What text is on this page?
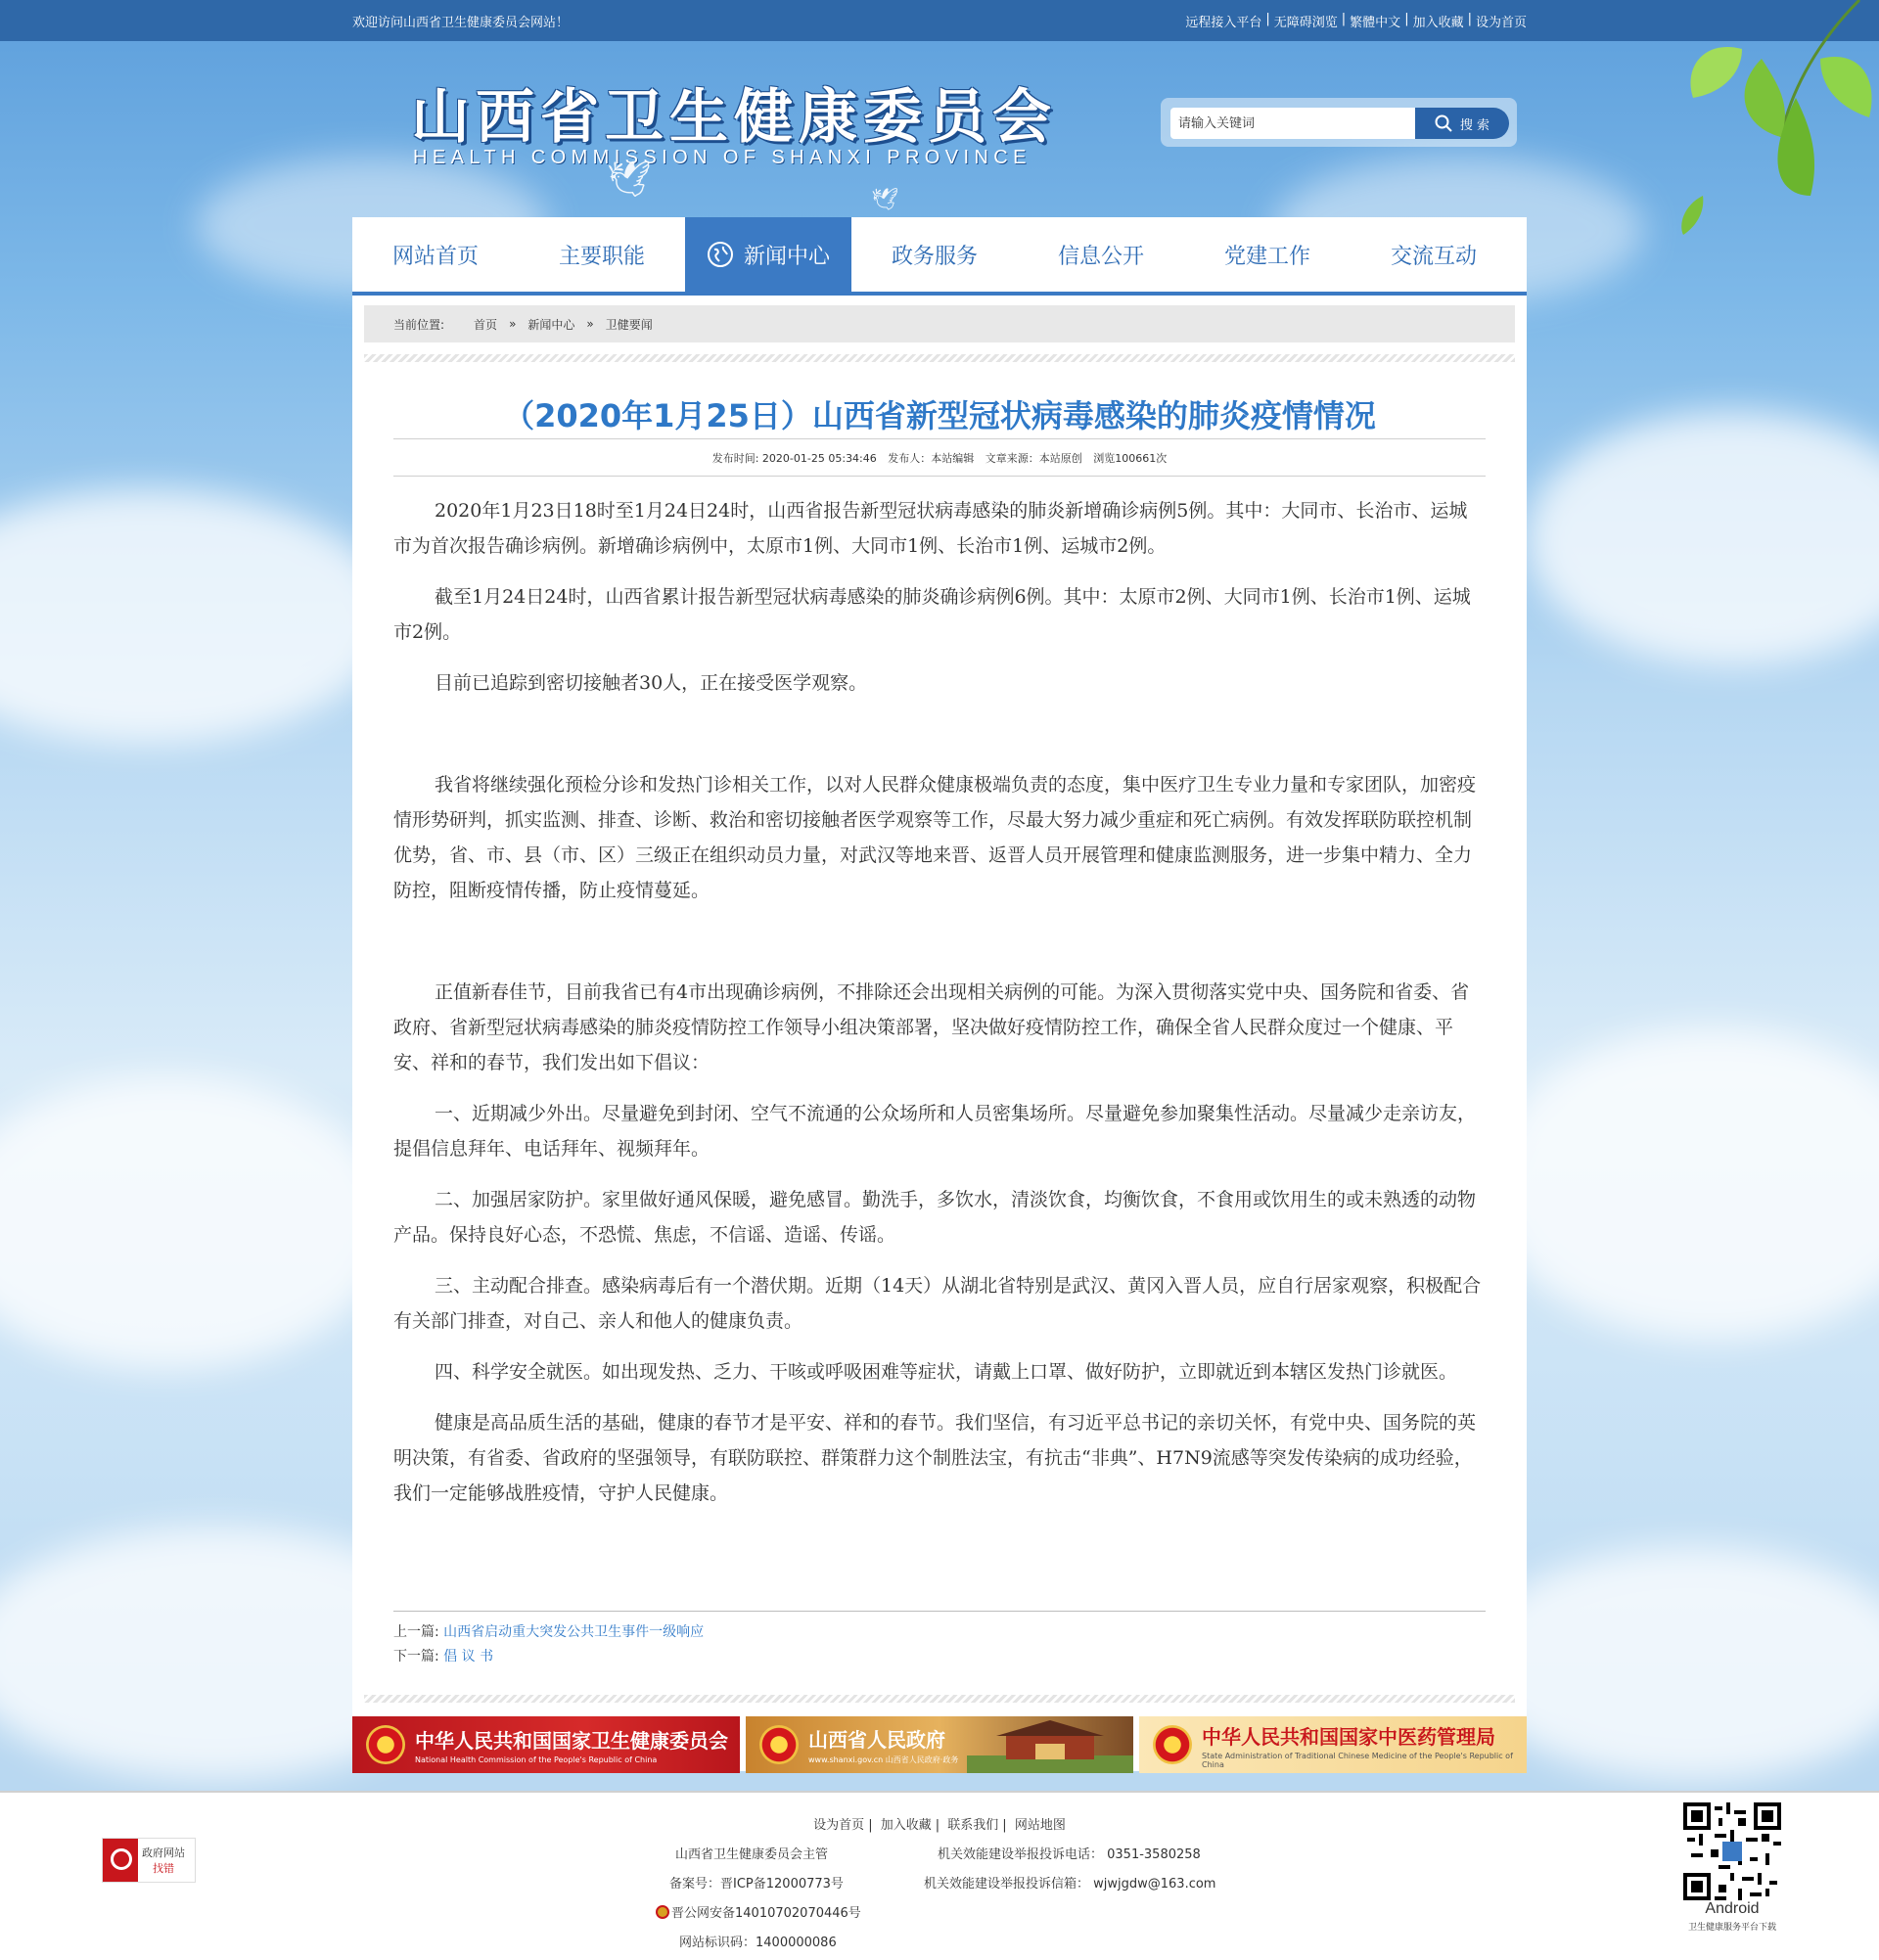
欢迎访问山西省卫生健康委员会网站！	远程接入平台 | 无障碍浏览 | 繁體中文 | 加入收藏 | 设为首页
山西省卫生健康委员会
HEALTH COMMISSION OF SHANXI PROVINCE
🕊
🕊
请输入关键词
搜 索
网站首页	主要职能	新闻中心	政务服务	信息公开	党建工作	交流互动
当前位置:	首页 » 新闻中心 » 卫健要闻
（2020年1月25日）山西省新型冠状病毒感染的肺炎疫情情况
发布时间: 2020-01-25 05:34:46 发布人：本站编辑 文章来源：本站原创 浏览100661次

2020年1月23日18时至1月24日24时，山西省报告新型冠状病毒感染的肺炎新增确诊病例5例。其中：大同市、长治市、运城市为首次报告确诊病例。新增确诊病例中，太原市1例、大同市1例、长治市1例、运城市2例。

截至1月24日24时，山西省累计报告新型冠状病毒感染的肺炎确诊病例6例。其中：太原市2例、大同市1例、长治市1例、运城市2例。

目前已追踪到密切接触者30人，正在接受医学观察。

我省将继续强化预检分诊和发热门诊相关工作，以对人民群众健康极端负责的态度，集中医疗卫生专业力量和专家团队，加密疫情形势研判，抓实监测、排查、诊断、救治和密切接触者医学观察等工作，尽最大努力减少重症和死亡病例。有效发挥联防联控机制优势，省、市、县（市、区）三级正在组织动员力量，对武汉等地来晋、返晋人员开展管理和健康监测服务，进一步集中精力、全力防控，阻断疫情传播，防止疫情蔓延。

正值新春佳节，目前我省已有4市出现确诊病例，不排除还会出现相关病例的可能。为深入贯彻落实党中央、国务院和省委、省政府、省新型冠状病毒感染的肺炎疫情防控工作领导小组决策部署，坚决做好疫情防控工作，确保全省人民群众度过一个健康、平安、祥和的春节，我们发出如下倡议：

一、近期减少外出。尽量避免到封闭、空气不流通的公众场所和人员密集场所。尽量避免参加聚集性活动。尽量减少走亲访友，提倡信息拜年、电话拜年、视频拜年。

二、加强居家防护。家里做好通风保暖，避免感冒。勤洗手，多饮水，清淡饮食，均衡饮食，不食用或饮用生的或未熟透的动物产品。保持良好心态，不恐慌、焦虑，不信谣、造谣、传谣。

三、主动配合排查。感染病毒后有一个潜伏期。近期（14天）从湖北省特别是武汉、黄冈入晋人员，应自行居家观察，积极配合有关部门排查，对自己、亲人和他人的健康负责。

四、科学安全就医。如出现发热、乏力、干咳或呼吸困难等症状，请戴上口罩、做好防护，立即就近到本辖区发热门诊就医。

健康是高品质生活的基础，健康的春节才是平安、祥和的春节。我们坚信，有习近平总书记的亲切关怀，有党中央、国务院的英明决策，有省委、省政府的坚强领导，有联防联控、群策群力这个制胜法宝，有抗击“非典”、H7N9流感等突发传染病的成功经验，我们一定能够战胜疫情，守护人民健康。

上一篇: 山西省启动重大突发公共卫生事件一级响应
下一篇: 倡 议 书
中华人民共和国国家卫生健康委员会
National Health Commission of the People's Republic of China
山西省人民政府
www.shanxi.gov.cn 山西省人民政府·政务
中华人民共和国国家中医药管理局
State Administration of Traditional Chinese Medicine of the People's Republic of China
设为首页 | 加入收藏 | 联系我们 | 网站地图
山西省卫生健康委员会主管	机关效能建设举报投诉电话： 0351-3580258
备案号：晋ICP备12000773号	机关效能建设举报投诉信箱： wjwjgdw@163.com
晋公网安备14010702070446号
网站标识码：1400000086
政府网站
找错
Android
卫生健康服务平台下载
